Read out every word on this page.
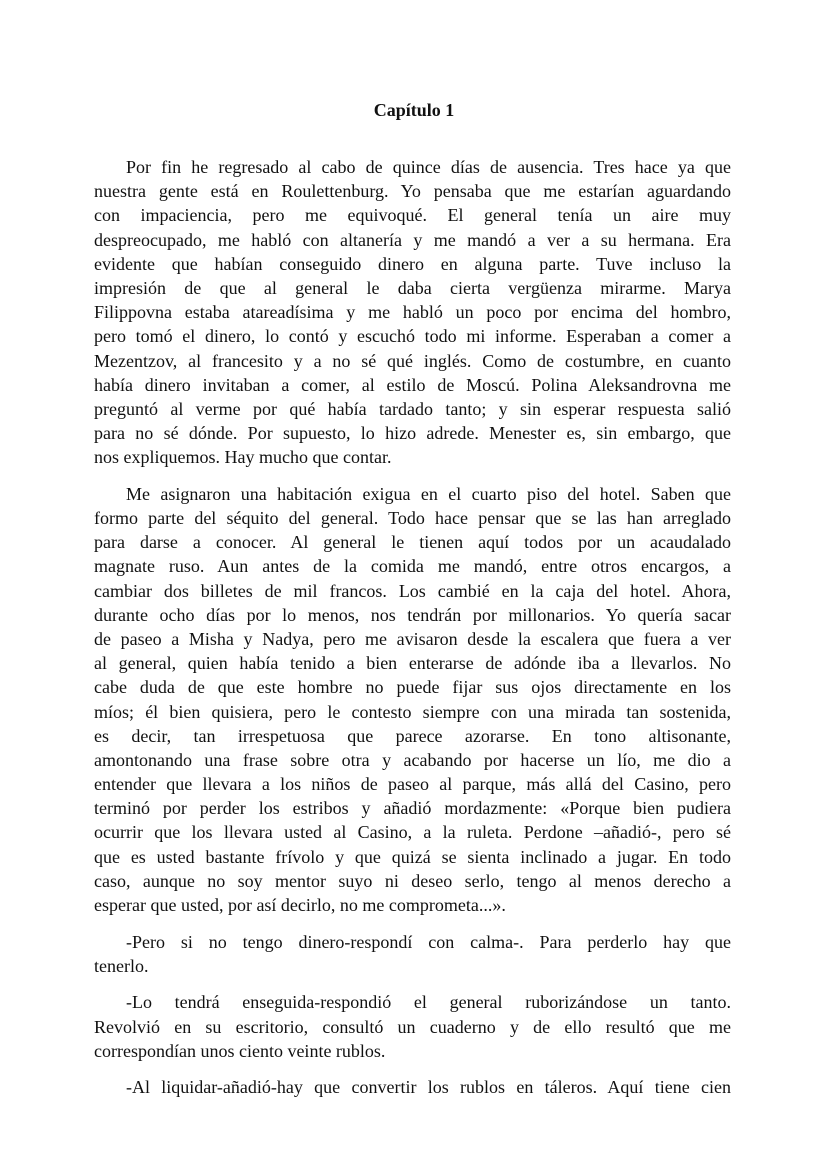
Capítulo 1
Por fin he regresado al cabo de quince días de ausencia. Tres hace ya que
nuestra gente está en Roulettenburg. Yo pensaba que me estarían aguardando
con impaciencia, pero me equivoqué. El general tenía un aire muy
despreocupado, me habló con altanería y me mandó a ver a su hermana. Era
evidente que habían conseguido dinero en alguna parte. Tuve incluso la
impresión de que al general le daba cierta vergüenza mirarme. Marya
Filippovna estaba atareadísima y me habló un poco por encima del hombro,
pero tomó el dinero, lo contó y escuchó todo mi informe. Esperaban a comer a
Mezentzov, al francesito y a no sé qué inglés. Como de costumbre, en cuanto
había dinero invitaban a comer, al estilo de Moscú. Polina Aleksandrovna me
preguntó al verme por qué había tardado tanto; y sin esperar respuesta salió
para no sé dónde. Por supuesto, lo hizo adrede. Menester es, sin embargo, que
nos expliquemos. Hay mucho que contar.
Me asignaron una habitación exigua en el cuarto piso del hotel. Saben que
formo parte del séquito del general. Todo hace pensar que se las han arreglado
para darse a conocer. Al general le tienen aquí todos por un acaudalado
magnate ruso. Aun antes de la comida me mandó, entre otros encargos, a
cambiar dos billetes de mil francos. Los cambié en la caja del hotel. Ahora,
durante ocho días por lo menos, nos tendrán por millonarios. Yo quería sacar
de paseo a Misha y Nadya, pero me avisaron desde la escalera que fuera a ver
al general, quien había tenido a bien enterarse de adónde iba a llevarlos. No
cabe duda de que este hombre no puede fijar sus ojos directamente en los
míos; él bien quisiera, pero le contesto siempre con una mirada tan sostenida,
es decir, tan irrespetuosa que parece azorarse. En tono altisonante,
amontonando una frase sobre otra y acabando por hacerse un lío, me dio a
entender que llevara a los niños de paseo al parque, más allá del Casino, pero
terminó por perder los estribos y añadió mordazmente: «Porque bien pudiera
ocurrir que los llevara usted al Casino, a la ruleta. Perdone –añadió-, pero sé
que es usted bastante frívolo y que quizá se sienta inclinado a jugar. En todo
caso, aunque no soy mentor suyo ni deseo serlo, tengo al menos derecho a
esperar que usted, por así decirlo, no me comprometa...».
-Pero si no tengo dinero-respondí con calma-. Para perderlo hay que
tenerlo.
-Lo tendrá enseguida-respondió el general ruborizándose un tanto.
Revolvió en su escritorio, consultó un cuaderno y de ello resultó que me
correspondían unos ciento veinte rublos.
-Al liquidar-añadió-hay que convertir los rublos en táleros. Aquí tiene cien
